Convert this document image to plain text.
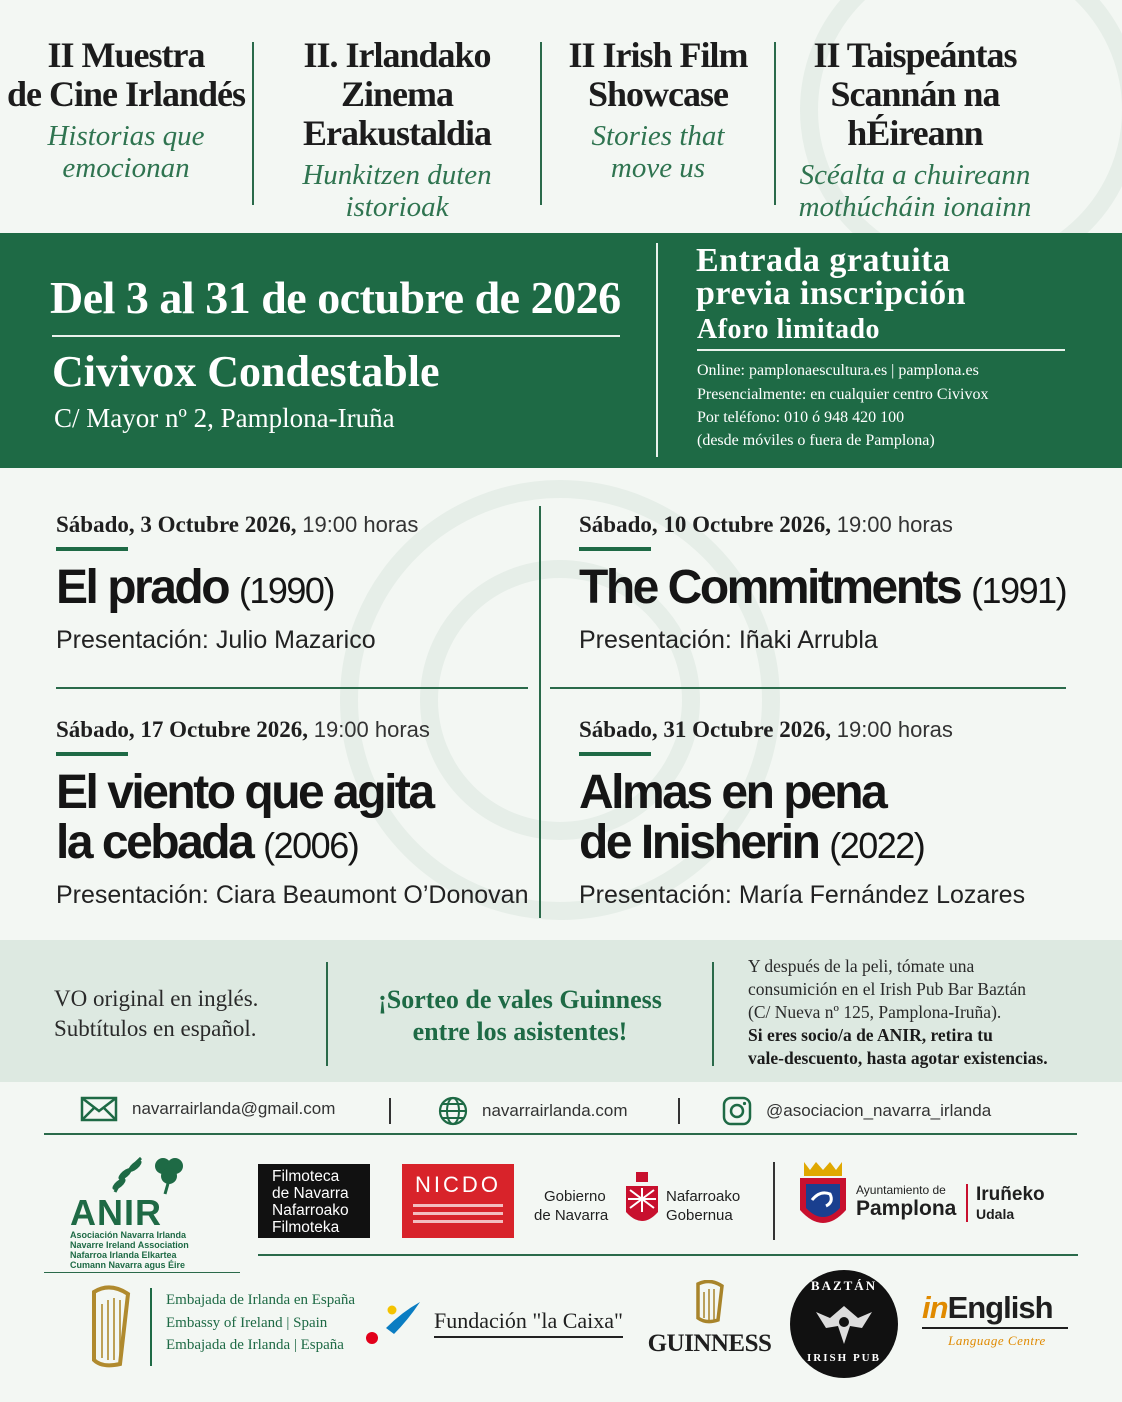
II Muestra
de Cine Irlandés
Historias que
emocionan
II. Irlandako
Zinema Erakustaldia
Hunkitzen duten
istorioak
II Irish Film
Showcase
Stories that
move us
II Taispeántas
Scannán na hÉireann
Scéalta a chuireann
mothúcháin ionainn
Del 3 al 31 de octubre de 2026
Civivox Condestable
C/ Mayor nº 2, Pamplona-Iruña
Entrada gratuita
previa inscripción
Aforo limitado
Online: pamplonaescultura.es | pamplona.es
Presencialmente: en cualquier centro Civivox
Por teléfono: 010 ó 948 420 100
(desde móviles o fuera de Pamplona)
Sábado, 3 Octubre 2026, 19:00 horas
El prado (1990)
Presentación: Julio Mazarico
Sábado, 10 Octubre 2026, 19:00 horas
The Commitments (1991)
Presentación: Iñaki Arrubla
Sábado, 17 Octubre 2026, 19:00 horas
El viento que agita
la cebada (2006)
Presentación: Ciara Beaumont O’Donovan
Sábado, 31 Octubre 2026, 19:00 horas
Almas en pena
de Inisherin (2022)
Presentación: María Fernández Lozares
VO original en inglés.
Subtítulos en español.
¡Sorteo de vales Guinness
entre los asistentes!
Y después de la peli, tómate una
consumición en el Irish Pub Bar Baztán
(C/ Nueva nº 125, Pamplona-Iruña).
Si eres socio/a de ANIR, retira tu
vale-descuento, hasta agotar existencias.
navarrairlanda@gmail.com	navarrairlanda.com	@asociacion_navarra_irlanda
ANIR
Asociación Navarra Irlanda
Navarre Ireland Association
Nafarroa Irlanda Elkartea
Cumann Navarra agus Éire
Filmoteca
de Navarra
Nafarroako
Filmoteka
NICDO	Gobierno
de Navarra
Nafarroako
Gobernua
Ayuntamiento de
Pamplona
Iruñeko
Udala
Embajada de Irlanda en España
Embassy of Ireland | Spain
Embajada de Irlanda | España
Fundación "la Caixa"
GUINNESS
BAZTÁN
IRISH PUB
inEnglish
Language Centre
